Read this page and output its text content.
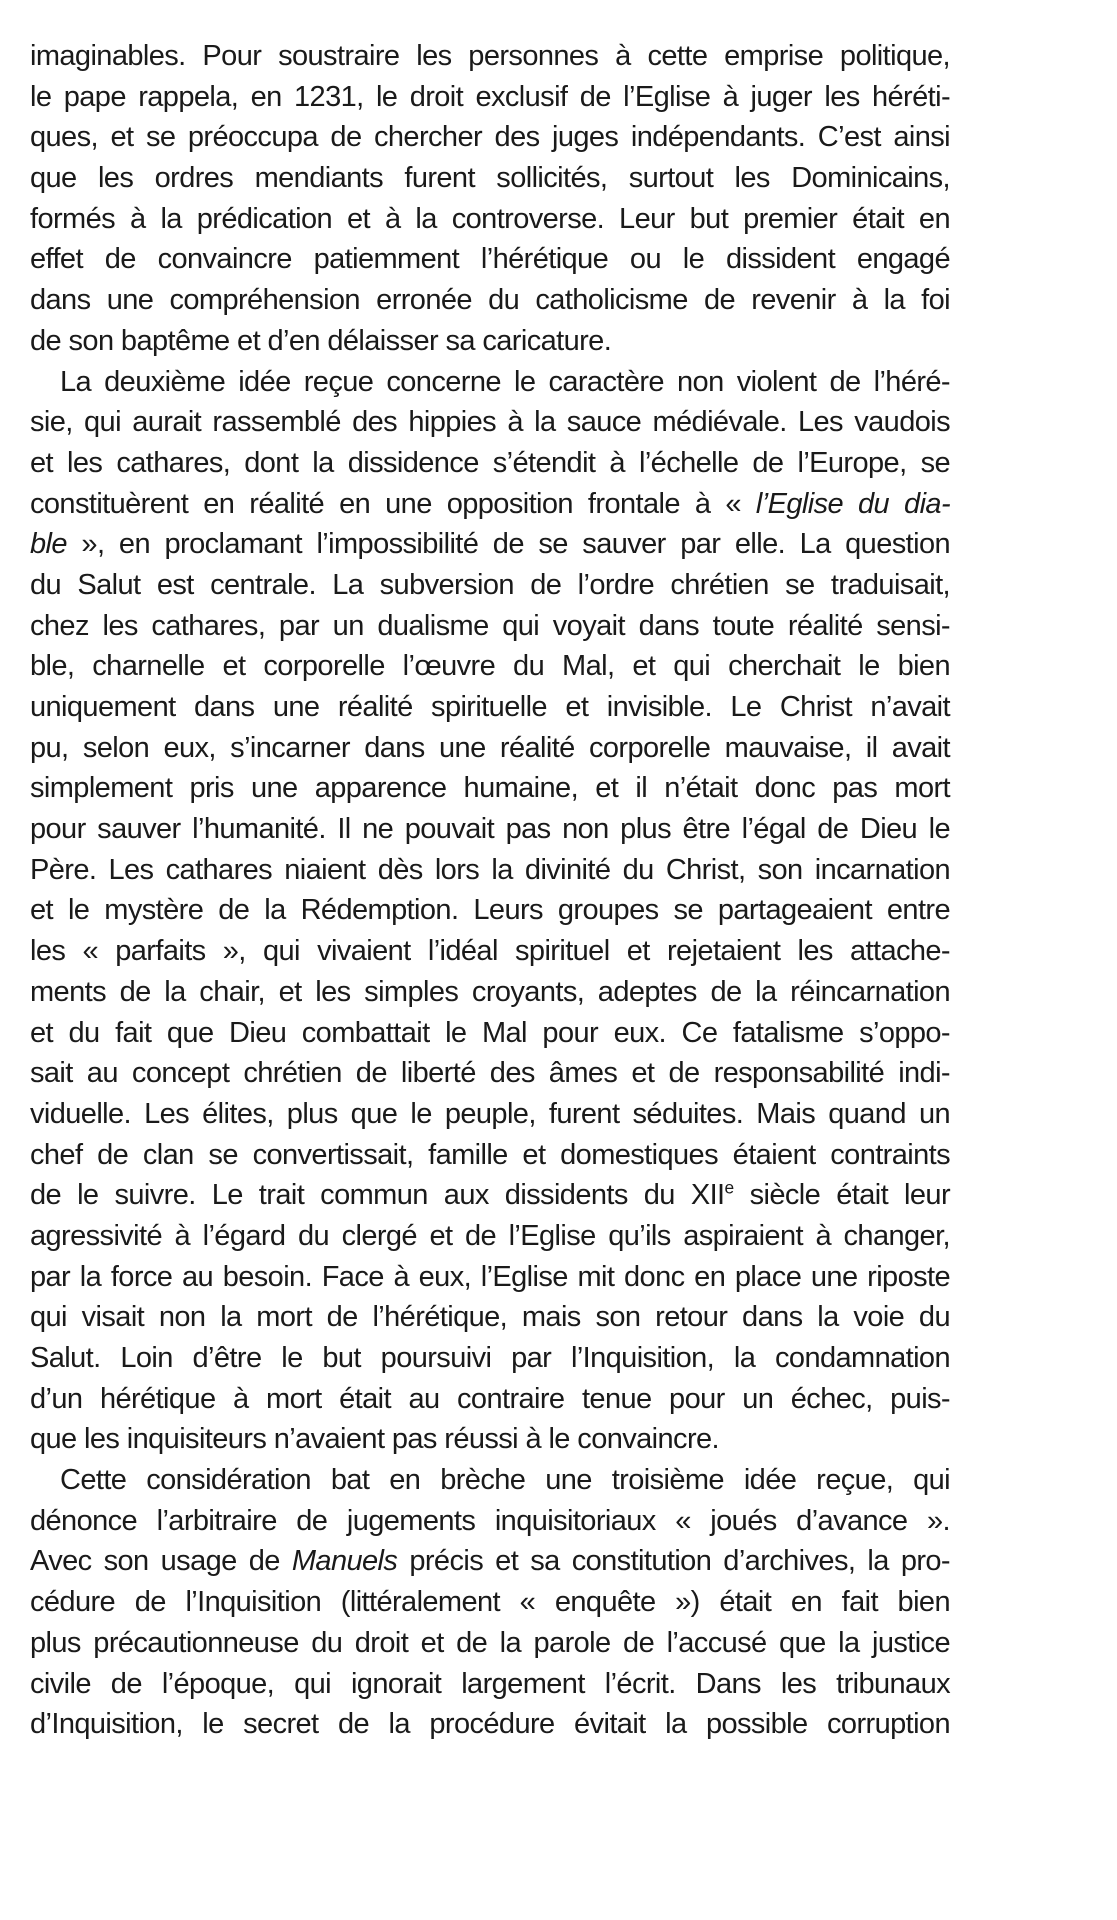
imaginables. Pour soustraire les personnes à cette emprise politique,
le pape rappela, en 1231, le droit exclusif de l’Eglise à juger les héréti-
ques, et se préoccupa de chercher des juges indépendants. C’est ainsi
que les ordres mendiants furent sollicités, surtout les Dominicains,
formés à la prédication et à la controverse. Leur but premier était en
effet de convaincre patiemment l’hérétique ou le dissident engagé
dans une compréhension erronée du catholicisme de revenir à la foi
de son baptême et d’en délaisser sa caricature.
La deuxième idée reçue concerne le caractère non violent de l’héré-
sie, qui aurait rassemblé des hippies à la sauce médiévale. Les vaudois
et les cathares, dont la dissidence s’étendit à l’échelle de l’Europe, se
constituèrent en réalité en une opposition frontale à « l’Eglise du dia-
ble », en proclamant l’impossibilité de se sauver par elle. La question
du Salut est centrale. La subversion de l’ordre chrétien se traduisait,
chez les cathares, par un dualisme qui voyait dans toute réalité sensi-
ble, charnelle et corporelle l’œuvre du Mal, et qui cherchait le bien
uniquement dans une réalité spirituelle et invisible. Le Christ n’avait
pu, selon eux, s’incarner dans une réalité corporelle mauvaise, il avait
simplement pris une apparence humaine, et il n’était donc pas mort
pour sauver l’humanité. Il ne pouvait pas non plus être l’égal de Dieu le
Père. Les cathares niaient dès lors la divinité du Christ, son incarnation
et le mystère de la Rédemption. Leurs groupes se partageaient entre
les « parfaits », qui vivaient l’idéal spirituel et rejetaient les attache-
ments de la chair, et les simples croyants, adeptes de la réincarnation
et du fait que Dieu combattait le Mal pour eux. Ce fatalisme s’oppo-
sait au concept chrétien de liberté des âmes et de responsabilité indi-
viduelle. Les élites, plus que le peuple, furent séduites. Mais quand un
chef de clan se convertissait, famille et domestiques étaient contraints
de le suivre. Le trait commun aux dissidents du XIIe siècle était leur
agressivité à l’égard du clergé et de l’Eglise qu’ils aspiraient à changer,
par la force au besoin. Face à eux, l’Eglise mit donc en place une riposte
qui visait non la mort de l’hérétique, mais son retour dans la voie du
Salut. Loin d’être le but poursuivi par l’Inquisition, la condamnation
d’un hérétique à mort était au contraire tenue pour un échec, puis-
que les inquisiteurs n’avaient pas réussi à le convaincre.
Cette considération bat en brèche une troisième idée reçue, qui
dénonce l’arbitraire de jugements inquisitoriaux « joués d’avance ».
Avec son usage de Manuels précis et sa constitution d’archives, la pro-
cédure de l’Inquisition (littéralement « enquête ») était en fait bien
plus précautionneuse du droit et de la parole de l’accusé que la justice
civile de l’époque, qui ignorait largement l’écrit. Dans les tribunaux
d’Inquisition, le secret de la procédure évitait la possible corruption
